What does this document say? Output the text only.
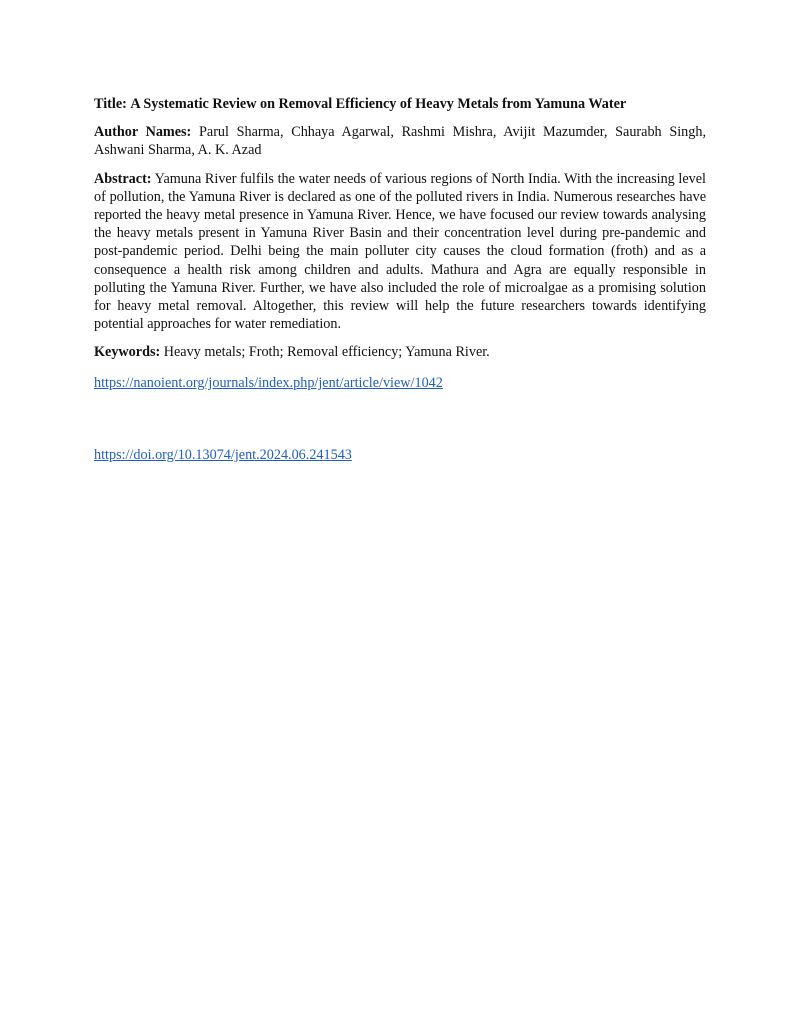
Title: A Systematic Review on Removal Efficiency of Heavy Metals from Yamuna Water

Author Names: Parul Sharma, Chhaya Agarwal, Rashmi Mishra, Avijit Mazumder, Saurabh Singh, Ashwani Sharma, A. K. Azad

Abstract: Yamuna River fulfils the water needs of various regions of North India. With the increasing level of pollution, the Yamuna River is declared as one of the polluted rivers in India. Numerous researches have reported the heavy metal presence in Yamuna River. Hence, we have focused our review towards analysing the heavy metals present in Yamuna River Basin and their concentration level during pre-pandemic and post-pandemic period. Delhi being the main polluter city causes the cloud formation (froth) and as a consequence a health risk among children and adults. Mathura and Agra are equally responsible in polluting the Yamuna River. Further, we have also included the role of microalgae as a promising solution for heavy metal removal. Altogether, this review will help the future researchers towards identifying potential approaches for water remediation.

Keywords: Heavy metals; Froth; Removal efficiency; Yamuna River.

https://nanoient.org/journals/index.php/jent/article/view/1042
https://doi.org/10.13074/jent.2024.06.241543
